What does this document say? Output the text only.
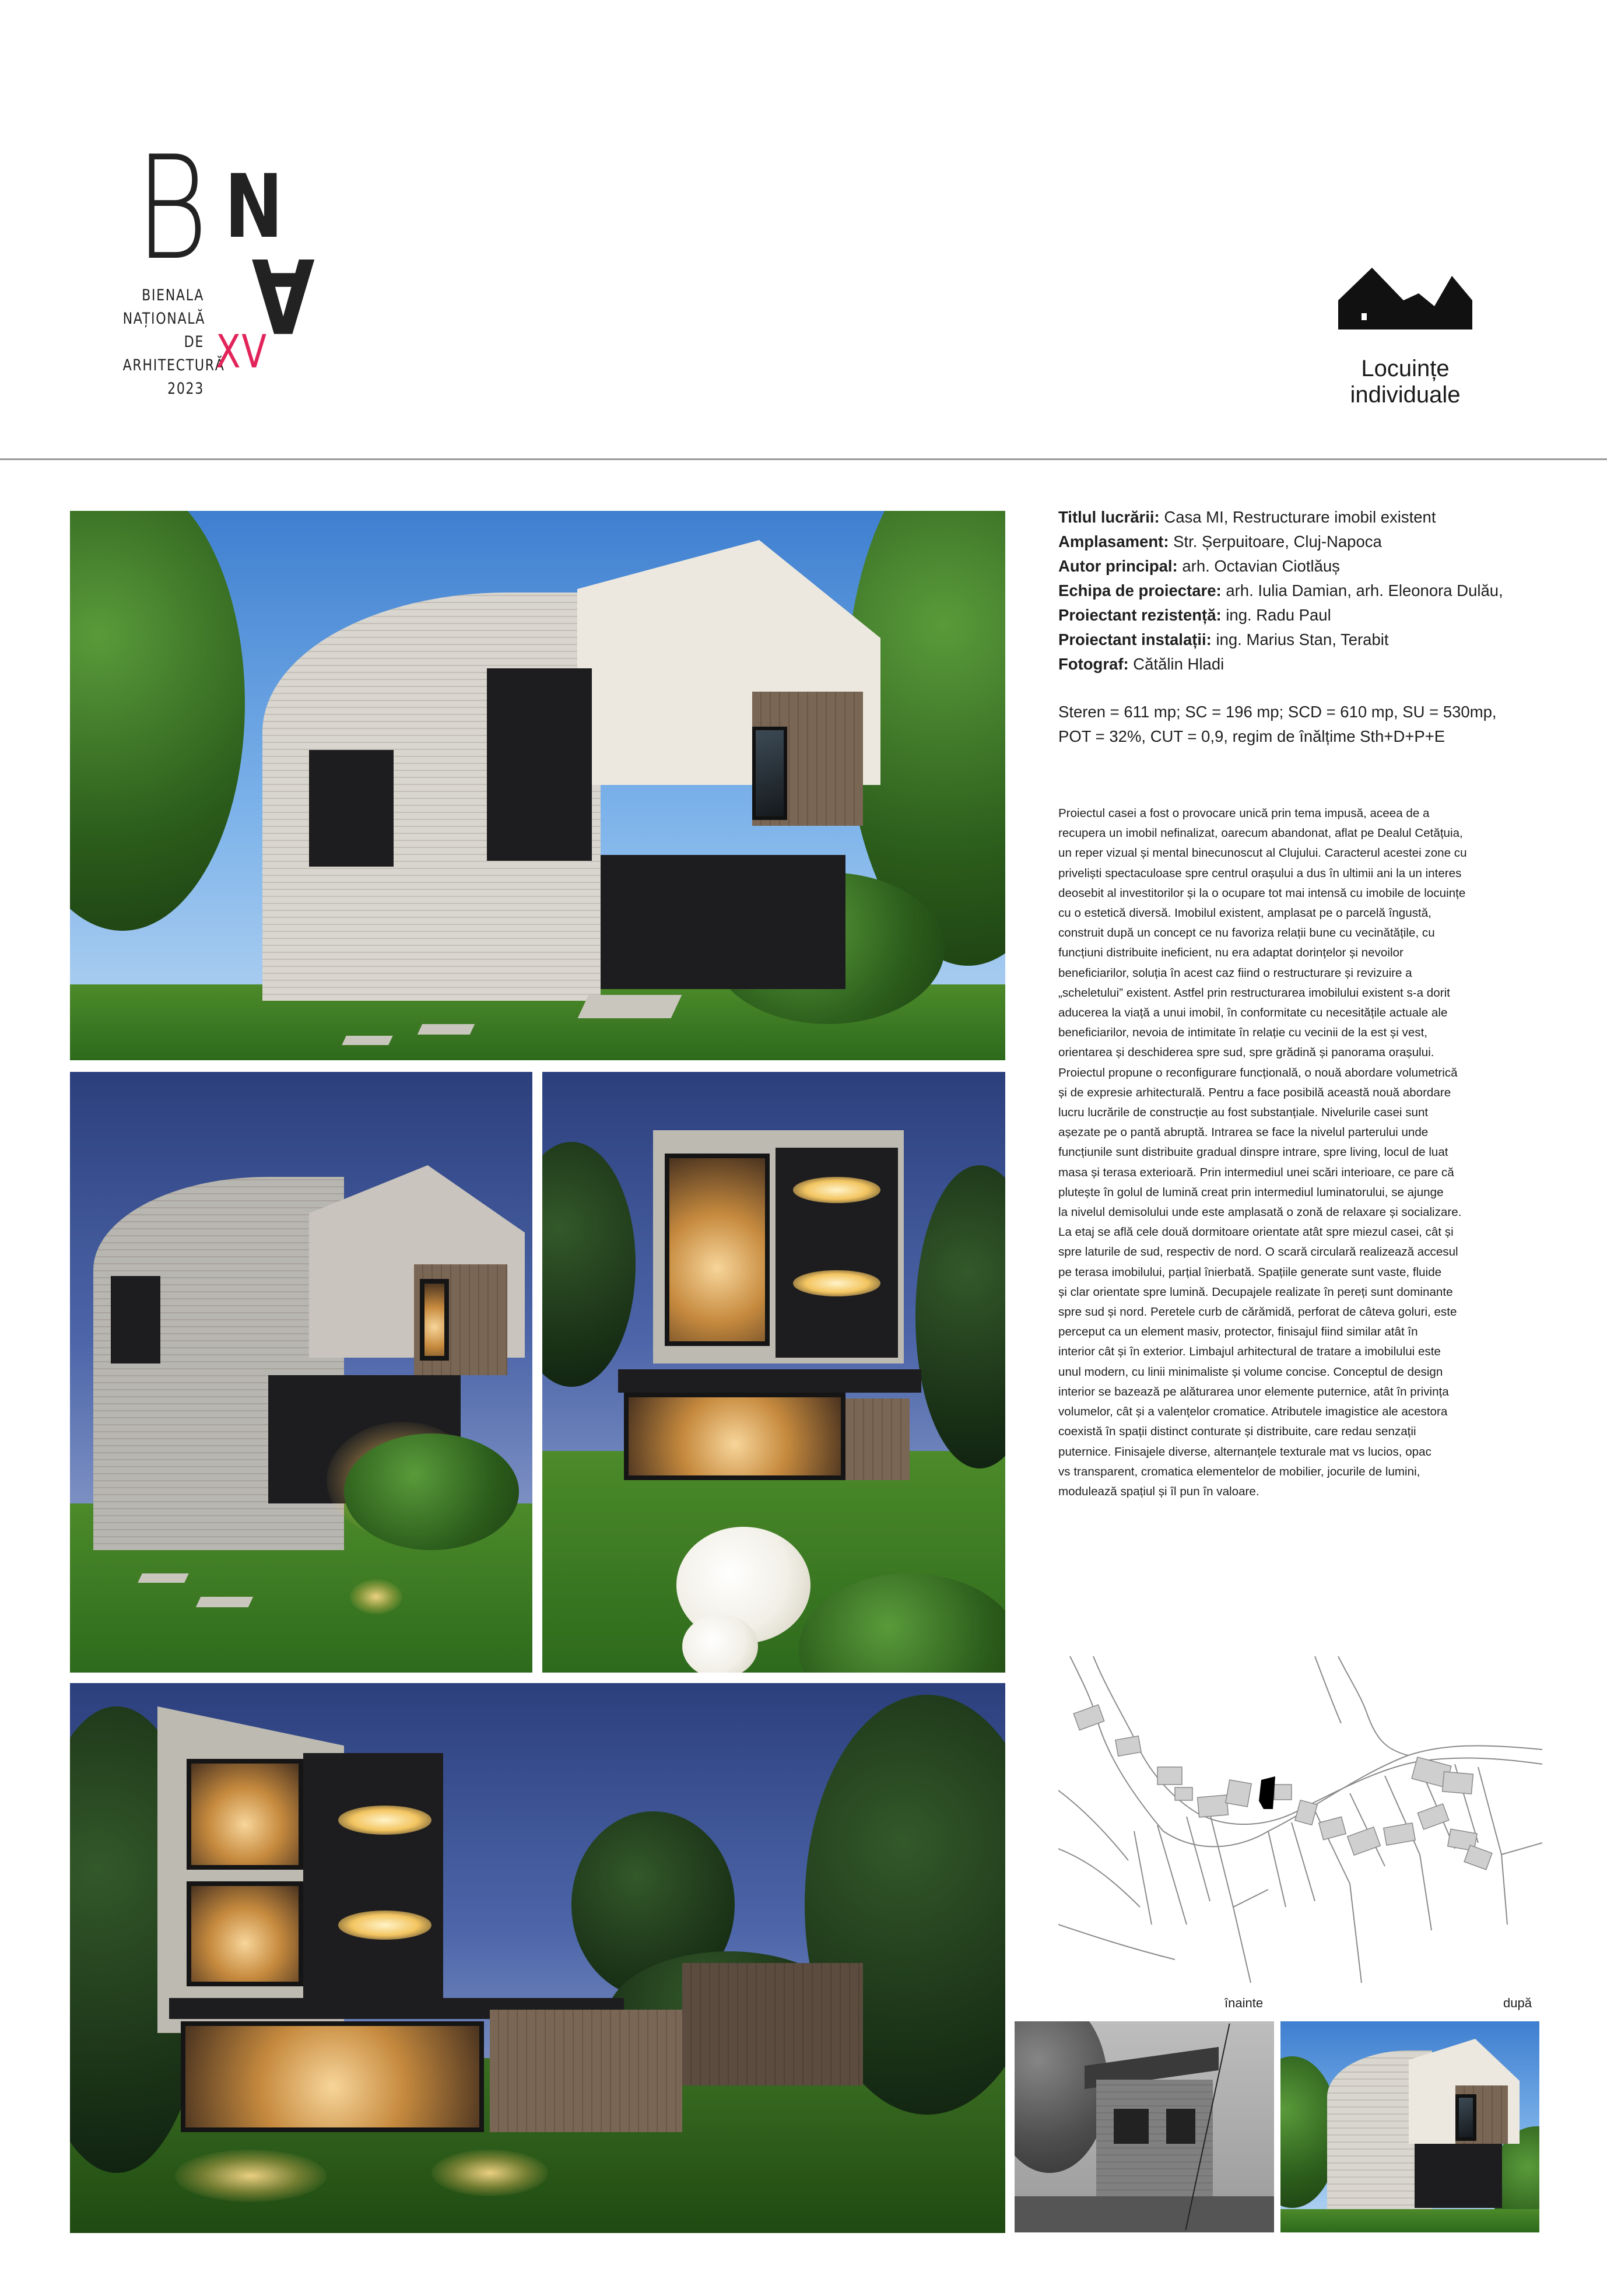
B N
A
BIENALA
NAȚIONALĂ
DE
ARHITECTURĂ
2023
XV	Locuințe individuale
Titlul lucrării: Casa MI, Restructurare imobil existent
Amplasament: Str. Șerpuitoare, Cluj-Napoca
Autor principal: arh. Octavian Ciotlăuș
Echipa de proiectare: arh. Iulia Damian, arh. Eleonora Dulău,
Proiectant rezistență: ing. Radu Paul
Proiectant instalații: ing. Marius Stan, Terabit
Fotograf: Cătălin Hladi
Steren = 611 mp; SC = 196 mp; SCD = 610 mp, SU = 530mp,
POT = 32%, CUT = 0,9, regim de înălțime Sth+D+P+E
Proiectul casei a fost o provocare unică prin tema impusă, aceea de a
recupera un imobil nefinalizat, oarecum abandonat, aflat pe Dealul Cetățuia,
un reper vizual și mental binecunoscut al Clujului. Caracterul acestei zone cu
priveliști spectaculoase spre centrul orașului a dus în ultimii ani la un interes
deosebit al investitorilor și la o ocupare tot mai intensă cu imobile de locuințe
cu o estetică diversă. Imobilul existent, amplasat pe o parcelă îngustă,
construit după un concept ce nu favoriza relații bune cu vecinătățile, cu
funcțiuni distribuite ineficient, nu era adaptat dorințelor și nevoilor
beneficiarilor, soluția în acest caz fiind o restructurare și revizuire a
„scheletului” existent. Astfel prin restructurarea imobilului existent s-a dorit
aducerea la viață a unui imobil, în conformitate cu necesitățile actuale ale
beneficiarilor, nevoia de intimitate în relație cu vecinii de la est și vest,
orientarea și deschiderea spre sud, spre grădină și panorama orașului.
Proiectul propune o reconfigurare funcțională, o nouă abordare volumetrică
și de expresie arhitecturală. Pentru a face posibilă această nouă abordare
lucru lucrările de construcție au fost substanțiale. Nivelurile casei sunt
așezate pe o pantă abruptă. Intrarea se face la nivelul parterului unde
funcțiunile sunt distribuite gradual dinspre intrare, spre living, locul de luat
masa și terasa exterioară. Prin intermediul unei scări interioare, ce pare că
plutește în golul de lumină creat prin intermediul luminatorului, se ajunge
la nivelul demisolului unde este amplasată o zonă de relaxare și socializare.
La etaj se află cele două dormitoare orientate atât spre miezul casei, cât și
spre laturile de sud, respectiv de nord. O scară circulară realizează accesul
pe terasa imobilului, parțial înierbată. Spațiile generate sunt vaste, fluide
și clar orientate spre lumină. Decupajele realizate în pereți sunt dominante
spre sud și nord. Peretele curb de cărămidă, perforat de câteva goluri, este
perceput ca un element masiv, protector, finisajul fiind similar atât în
interior cât și în exterior. Limbajul arhitectural de tratare a imobilului este
unul modern, cu linii minimaliste și volume concise. Conceptul de design
interior se bazează pe alăturarea unor elemente puternice, atât în privința
volumelor, cât și a valențelor cromatice. Atributele imagistice ale acestora
coexistă în spații distinct conturate și distribuite, care redau senzații
puternice. Finisajele diverse, alternanțele texturale mat vs lucios, opac
vs transparent, cromatica elementelor de mobilier, jocurile de lumini,
modulează spațiul și îl pun în valoare.
înainte	după
